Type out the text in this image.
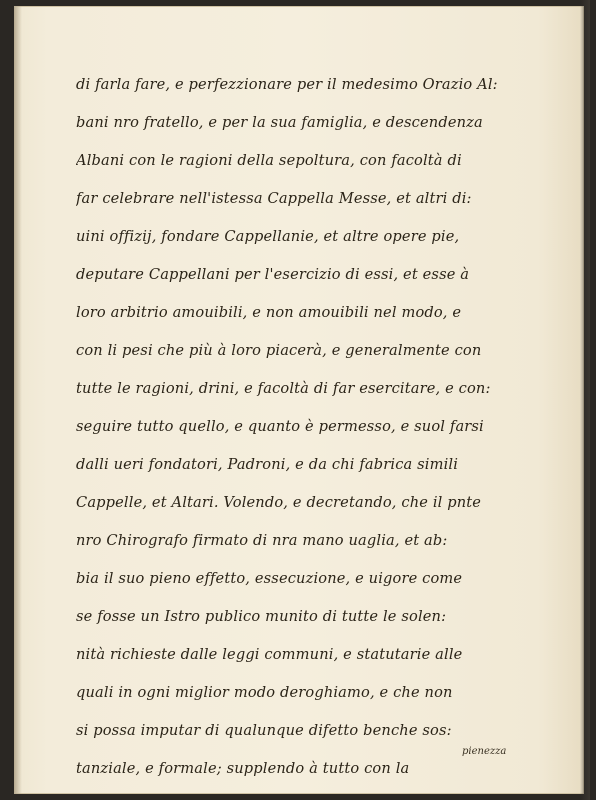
di farla fare, e perfezzionare per il medesimo Orazio Al:
bani nro fratello, e per la sua famiglia, e descendenza
Albani con le ragioni della sepoltura, con facoltà di
far celebrare nell'istessa Cappella Messe, et altri di:
uini offizij, fondare Cappellanie, et altre opere pie,
deputare Cappellani per l'esercizio di essi, et esse à
loro arbitrio amouibili, e non amouibili nel modo, e
con li pesi che più à loro piacerà, e generalmente con
tutte le ragioni, drini, e facoltà di far esercitare, e con:
seguire tutto quello, e quanto è permesso, e suol farsi
dalli ueri fondatori, Padroni, e da chi fabrica simili
Cappelle, et Altari. Volendo, e decretando, che il pnte
nro Chirografo firmato di nra mano uaglia, et ab:
bia il suo pieno effetto, essecuzione, e uigore come
se fosse un Istro publico munito di tutte le solen:
nità richieste dalle leggi communi, e statutarie alle
quali in ogni miglior modo deroghiamo, e che non
si possa imputar di qualunque difetto benche sos:
tanziale, e formale; supplendo à tutto con la
pienezza
